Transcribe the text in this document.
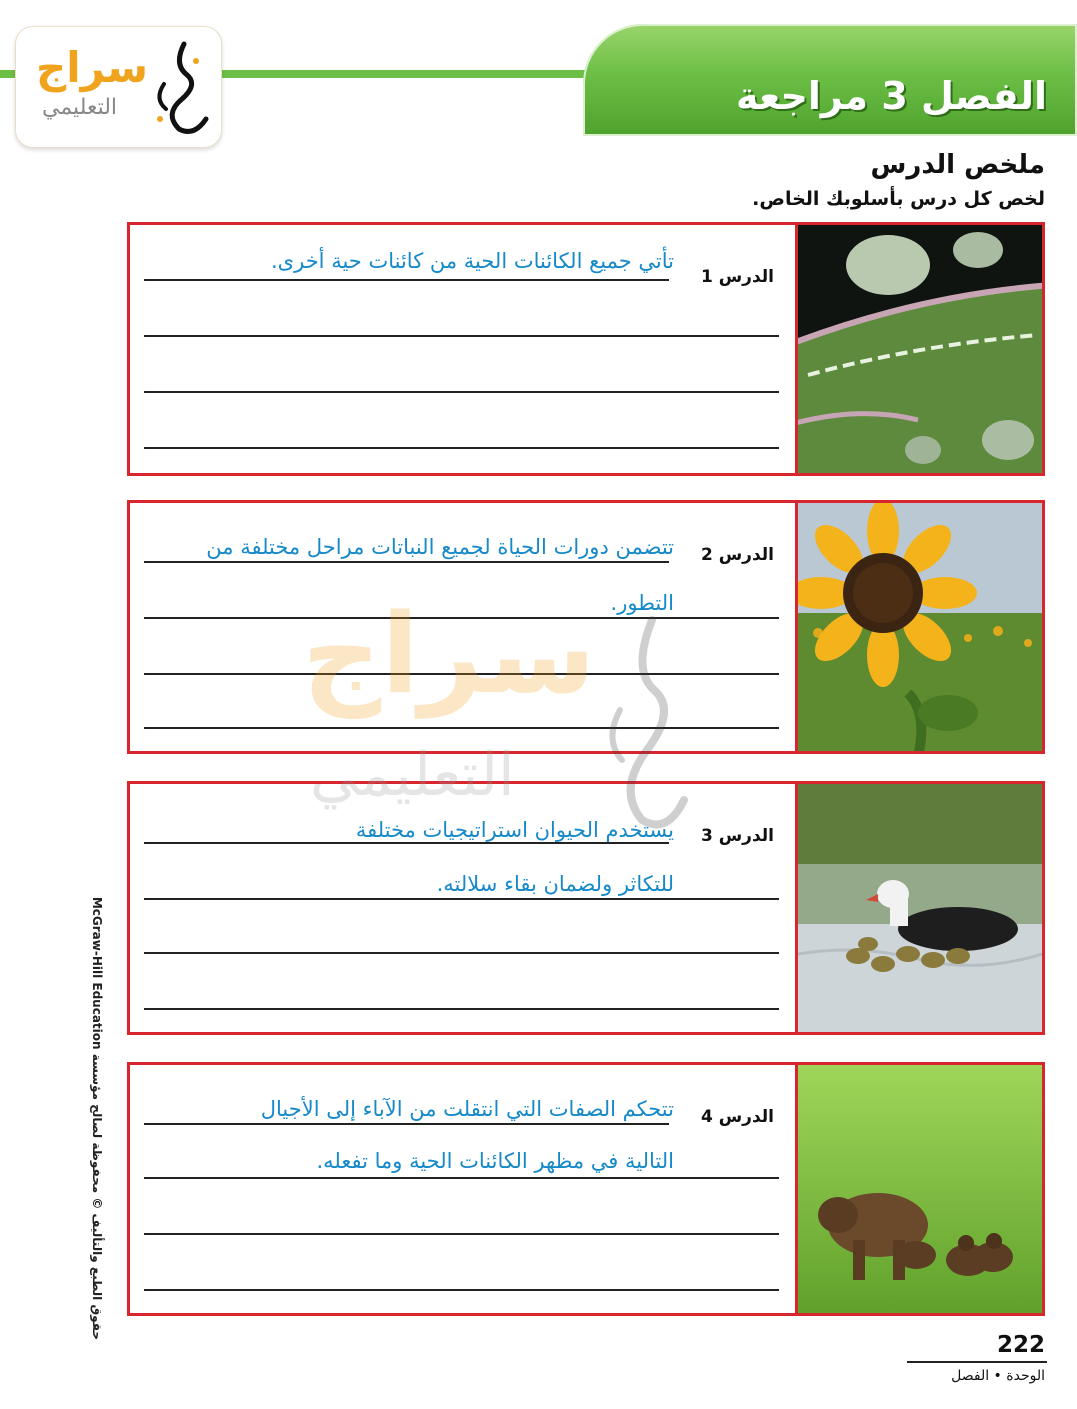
الفصل 3 مراجعة
سراج
التعليمي
ملخص الدرس
لخص كل درس بأسلوبك الخاص.
الدرس 1
تأتي جميع الكائنات الحية من كائنات حية أخرى.
الدرس 2
تتضمن دورات الحياة لجميع النباتات مراحل مختلفة من
التطور.
الدرس 3
يستخدم الحيوان استراتيجيات مختلفة
للتكاثر ولضمان بقاء سلالته.
الدرس 4
تتحكم الصفات التي انتقلت من الآباء إلى الأجيال
التالية في مظهر الكائنات الحية وما تفعله.
سراج
التعليمي
حقوق الطبع والتأليف © محفوظة لصالح مؤسسة McGraw-Hill Education
222
الوحدة • الفصل
